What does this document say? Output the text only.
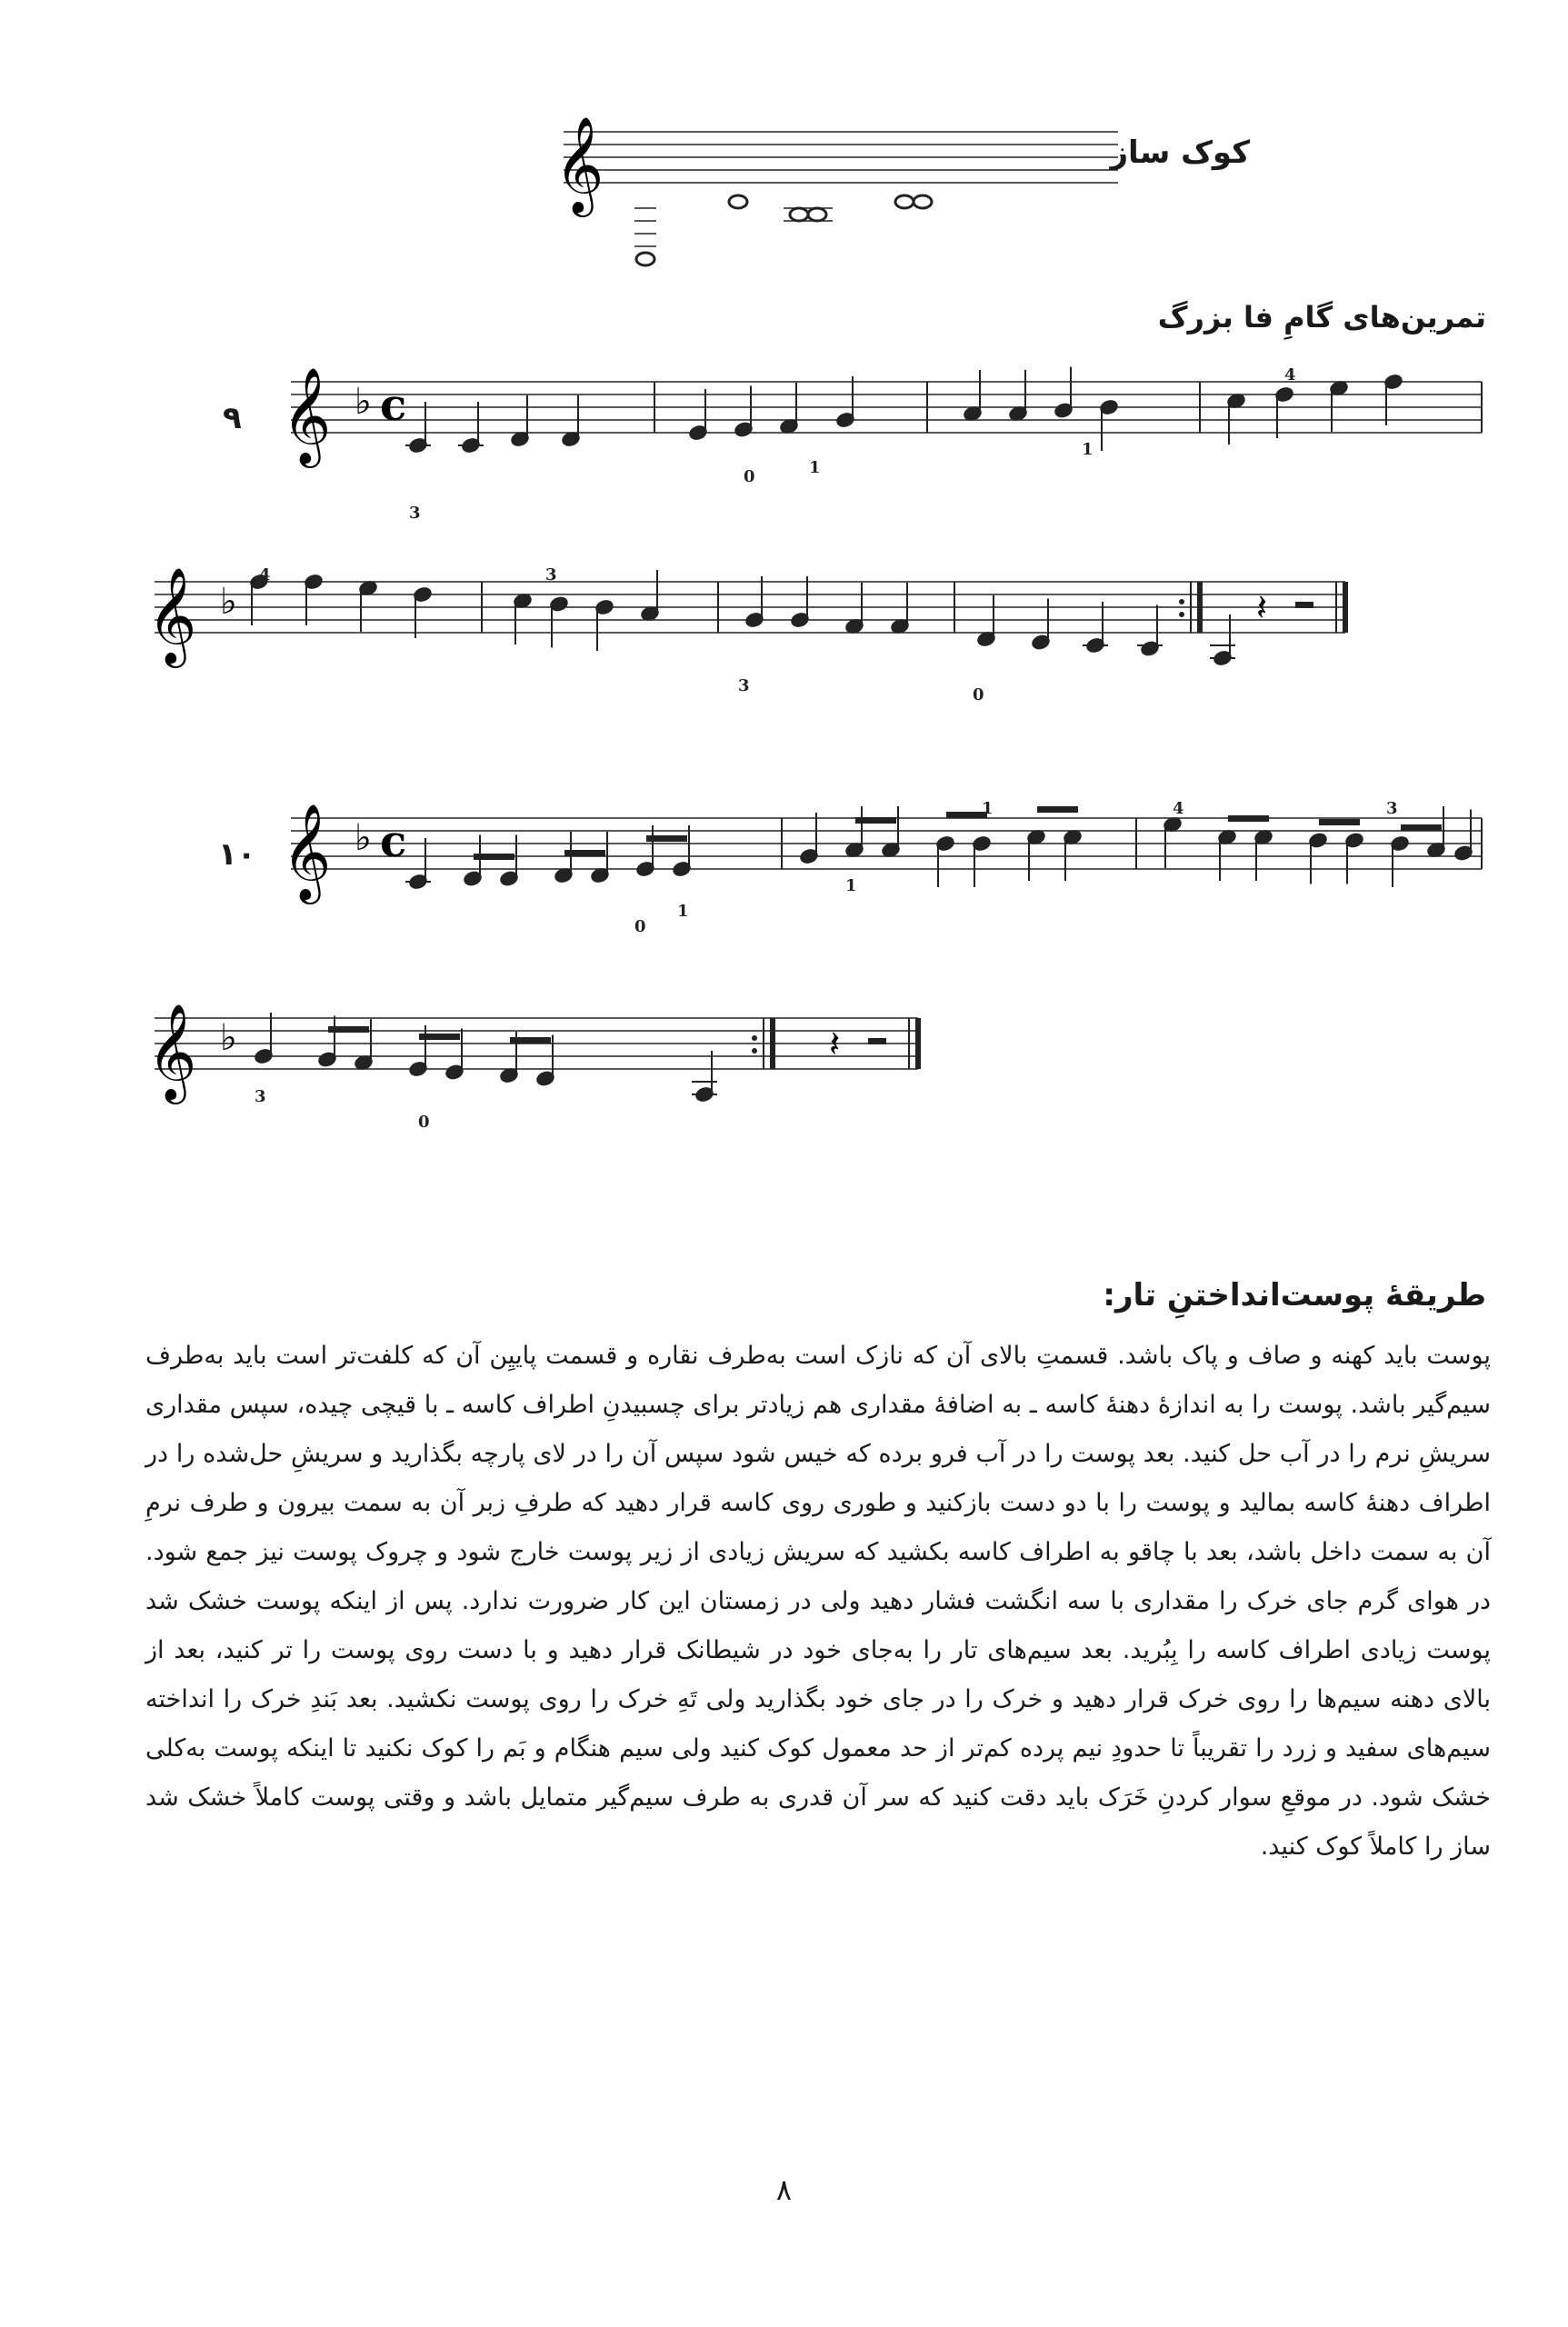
کوک ساز
تمرین‌های گامِ فا بزرگ
۹
۱۰
𝄞
𝄞 ♭ c
3
0	1
1
4
𝄞 ♭	𝄽
4	3
3	0
𝄞 ♭ c
0
1
1
1	4	3
𝄞 ♭	𝄽
3
0
طریقهٔ پوست‌انداختنِ تار:
پوست باید کهنه و صاف و پاک باشد. قسمتِ بالای آن که نازک است به‌طرف نقاره و قسمت پاییِن آن که کلفت‌تر است باید به‌طرف سیم‌گیر باشد. پوست را به اندازهٔ دهنهٔ کاسه ـ به اضافهٔ مقداری هم زیادتر برای چسبیدنِ اطراف کاسه ـ با قیچی چیده، سپس مقداری سریشِ نرم را در آب حل کنید. بعد پوست را در آب فرو برده که خیس شود سپس آن را در لای پارچه بگذارید و سریشِ حل‌شده را در اطراف دهنهٔ کاسه بمالید و پوست را با دو دست بازکنید و طوری روی کاسه قرار دهید که طرفِ زبر آن به سمت بیرون و طرف نرمِ آن به سمت داخل باشد، بعد با چاقو به اطراف کاسه بکشید که سریش زیادی از زیر پوست خارج شود و چروک پوست نیز جمع شود. در هوای گرم جای خرک را مقداری با سه انگشت فشار دهید ولی در زمستان این کار ضرورت ندارد. پس از اینکه پوست خشک شد پوست زیادی اطراف کاسه را بِبُرید. بعد سیم‌های تار را به‌جای خود در شیطانک قرار دهید و با دست روی پوست را تر کنید، بعد از بالای دهنه سیم‌ها را روی خرک قرار دهید و خرک را در جای خود بگذارید ولی تَهِ خرک را روی پوست نکشید. بعد بَندِ خرک را انداخته سیم‌های سفید و زرد را تقریباً تا حدودِ نیم پرده کم‌تر از حد معمول کوک کنید ولی سیم هنگام و بَم را کوک نکنید تا اینکه پوست به‌کلی خشک شود. در موقعِ سوار کردنِ خَرَک باید دقت کنید که سر آن قدری به طرف سیم‌گیر متمایل باشد و وقتی پوست کاملاً خشک شد ساز را کاملاً کوک کنید.
۸
